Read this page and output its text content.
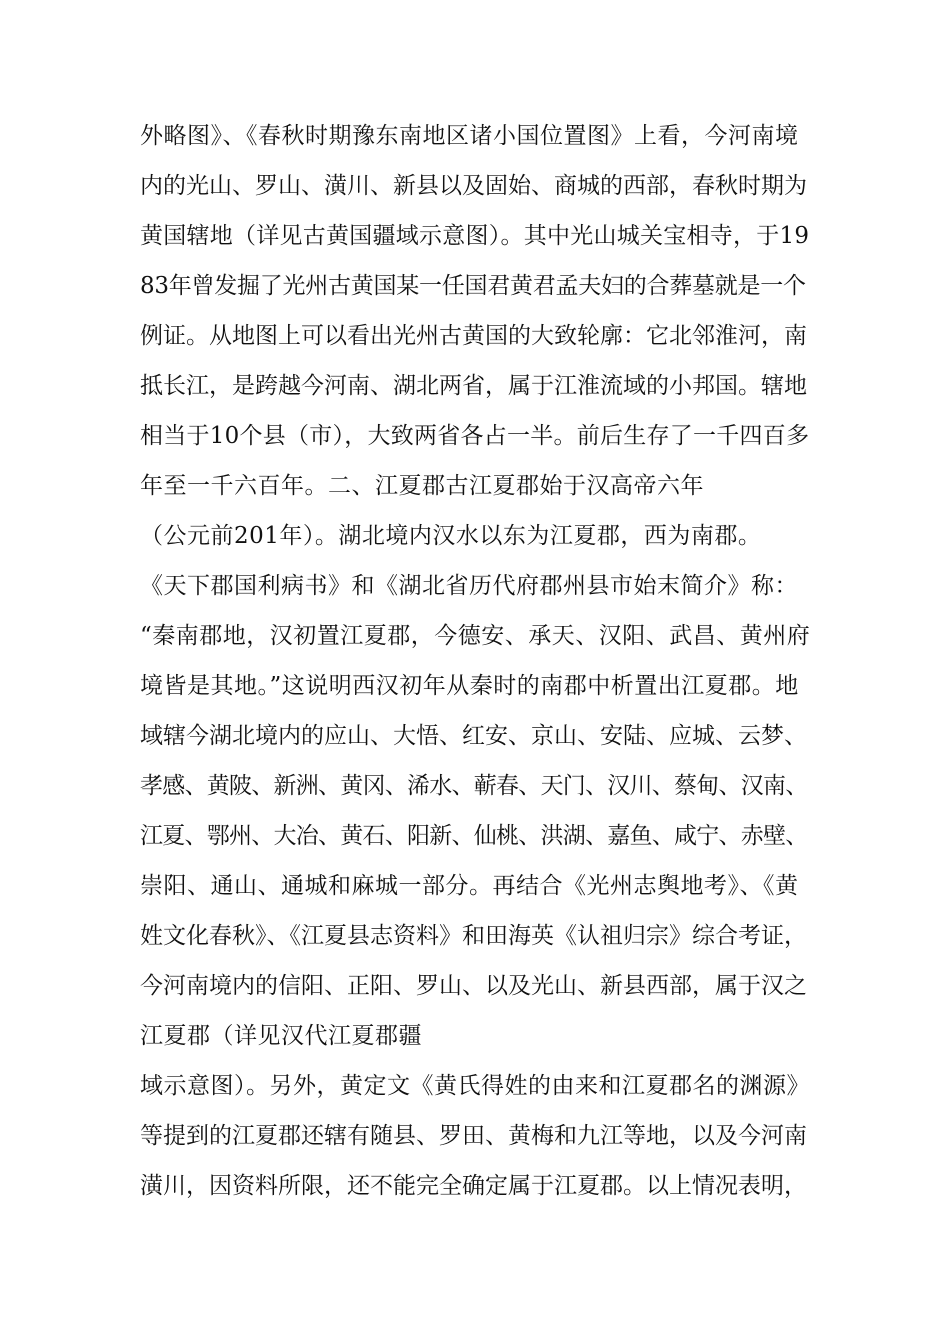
外略图》、《春秋时期豫东南地区诸小国位置图》上看，今河南境
内的光山、罗山、潢川、新县以及固始、商城的西部，春秋时期为
黄国辖地（详见古黄国疆域示意图）。其中光山城关宝相寺，于19
83年曾发掘了光州古黄国某一任国君黄君孟夫妇的合葬墓就是一个
例证。从地图上可以看出光州古黄国的大致轮廓：它北邻淮河，南
抵长江，是跨越今河南、湖北两省，属于江淮流域的小邦国。辖地
相当于10个县（市），大致两省各占一半。前后生存了一千四百多
年至一千六百年。二、江夏郡古江夏郡始于汉高帝六年
（公元前201年）。湖北境内汉水以东为江夏郡，西为南郡。
《天下郡国利病书》和《湖北省历代府郡州县市始末简介》称：
“秦南郡地，汉初置江夏郡，今德安、承天、汉阳、武昌、黄州府
境皆是其地。”这说明西汉初年从秦时的南郡中析置出江夏郡。地
域辖今湖北境内的应山、大悟、红安、京山、安陆、应城、云梦、
孝感、黄陂、新洲、黄冈、浠水、蕲春、天门、汉川、蔡甸、汉南、
江夏、鄂州、大冶、黄石、阳新、仙桃、洪湖、嘉鱼、咸宁、赤壁、
崇阳、通山、通城和麻城一部分。再结合《光州志舆地考》、《黄
姓文化春秋》、《江夏县志资料》和田海英《认祖归宗》综合考证，
今河南境内的信阳、正阳、罗山、以及光山、新县西部，属于汉之
江夏郡（详见汉代江夏郡疆
域示意图）。另外，黄定文《黄氏得姓的由来和江夏郡名的渊源》
等提到的江夏郡还辖有随县、罗田、黄梅和九江等地，以及今河南
潢川，因资料所限，还不能完全确定属于江夏郡。以上情况表明，
